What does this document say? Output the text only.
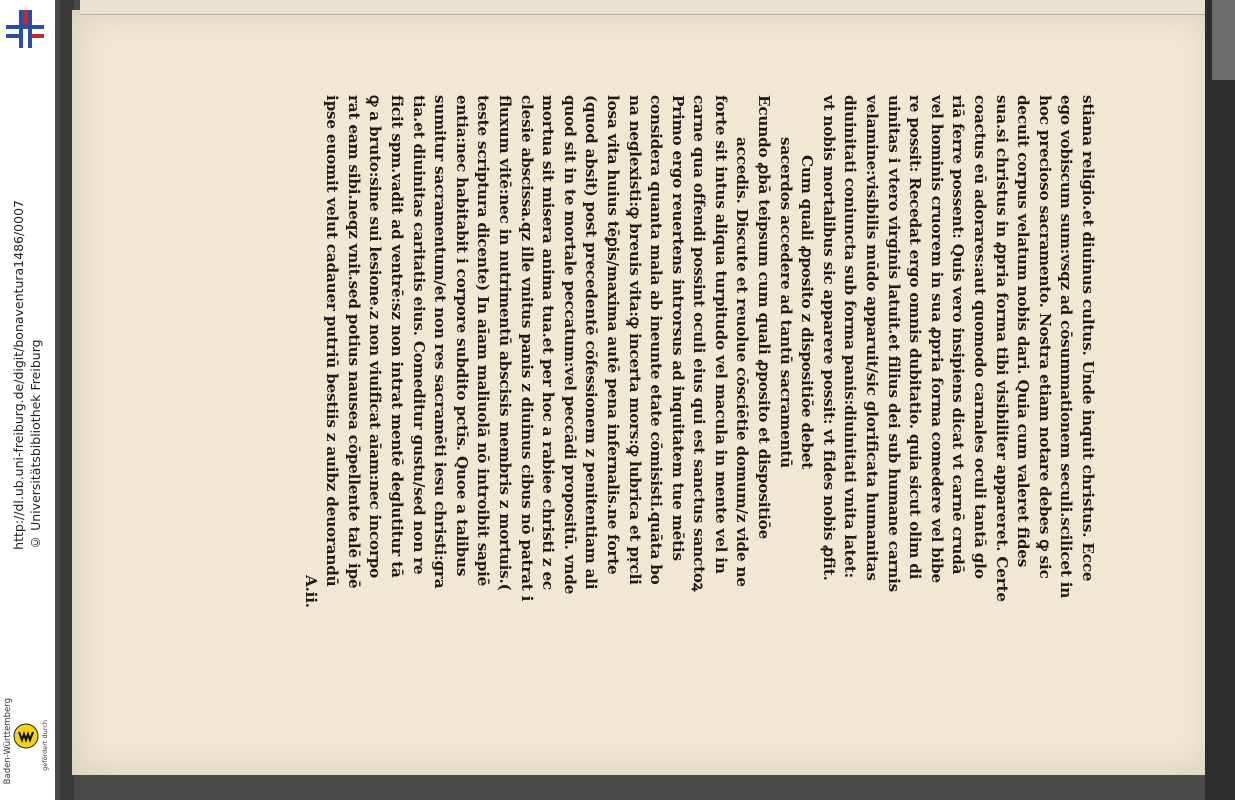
http://dl.ub.uni-freiburg.de/digit/bonaventura1486/0007 © Universitätsbibliothek Freiburg
Baden-Württemberg	gefördert durch
stiana religio.et diuinus cultus. Unde inquit christus. Ecce
ego vobiscum sum:vsqz ad cōsummationem seculi.scilicet in
hoc precioso sacramento. Nostra etiam notare debes ꝙ sic
decuit corpus velatum nobis dari. Quia cum valeret fides
sua.si christus in ꝓpria forma tibi visibiliter appareret. Certe
coactus eū adorares:aut quomodo carnales oculi tantā glo
riā ferre possent: Quis vero insipiens dicat vt carnē crudā
vel hominis cruorem in sua ꝓpria forma comedere vel bibe
re possit: Recedat ergo omnis dubitatio. quia sicut olim di
uinitas i vtero virginis latuit.et filius dei sub humane carnis
velamine:visibilis mūdo apparuit/sic glorificata humanitas
diuinitati coniuncta sub forma panis:diuinitati vnita latet:
vt nobis mortalibus sic apparere possit: vt fides nobis ꝓfit.
Cum quali ꝓposito z dispositiōe debet
sacerdos accedere ad tantū sacramentū
Ecundo ꝓbā teipsum cum quali ꝓposito et dispositiōe
accedis. Discute et reuolue cōsciētie domum/z vide ne
forte sit intus aliqua turpitudo vel macula in mente vel in
carne qua offendi possint oculi eius qui est sanctus sanctoꝝ
Primo ergo reuertens introrsus ad inquitatem tue mētis
considera quanta mala ab ineunte etate cōmisisti.quāta bo
na neglexisti:ꝙ breuis vita:ꝙ incerta mors:ꝙ lubrica et pṛcli
losa vita huius tēꝑis/maxima autē pena infernalis.ne forte
(quod absit) post precedentē cōfessionem z penitentiam ali
quod sit in te mortale peccatum:vel peccādi propositū. vnde
mortua sit misera anima tua.et per hoc a rabiee christi z ec
clesie abscissa.qz ille vnitus panis z diuinus cibus nō patrat i
fluxum vitē:nec in nutrimentū abscisis membris z mortuis.(
teste scriptura dicente) In aīam maliuolā nō introibit sapiē
entia:nec habitabit i corpore subdito pctīs. Quoe a talibus
sumitur sacramentum/et non res sacramēti iesu christi:gra
tia.et diuinitas caritatis eius. Comeditur gustu/sed non re
ficit spm.vadit ad ventrē:sz non intrat mentē deglutitur tā
ꝙ a bruto:sine sui lesione.z non viuificat aīam:nec incorpo
rat eam sibi.neqz vnit.sed potius nausea cōpellente talē ipē
ipse euomit velut cadauer putriū bestiis z auibz deuorandū
A.ii.
